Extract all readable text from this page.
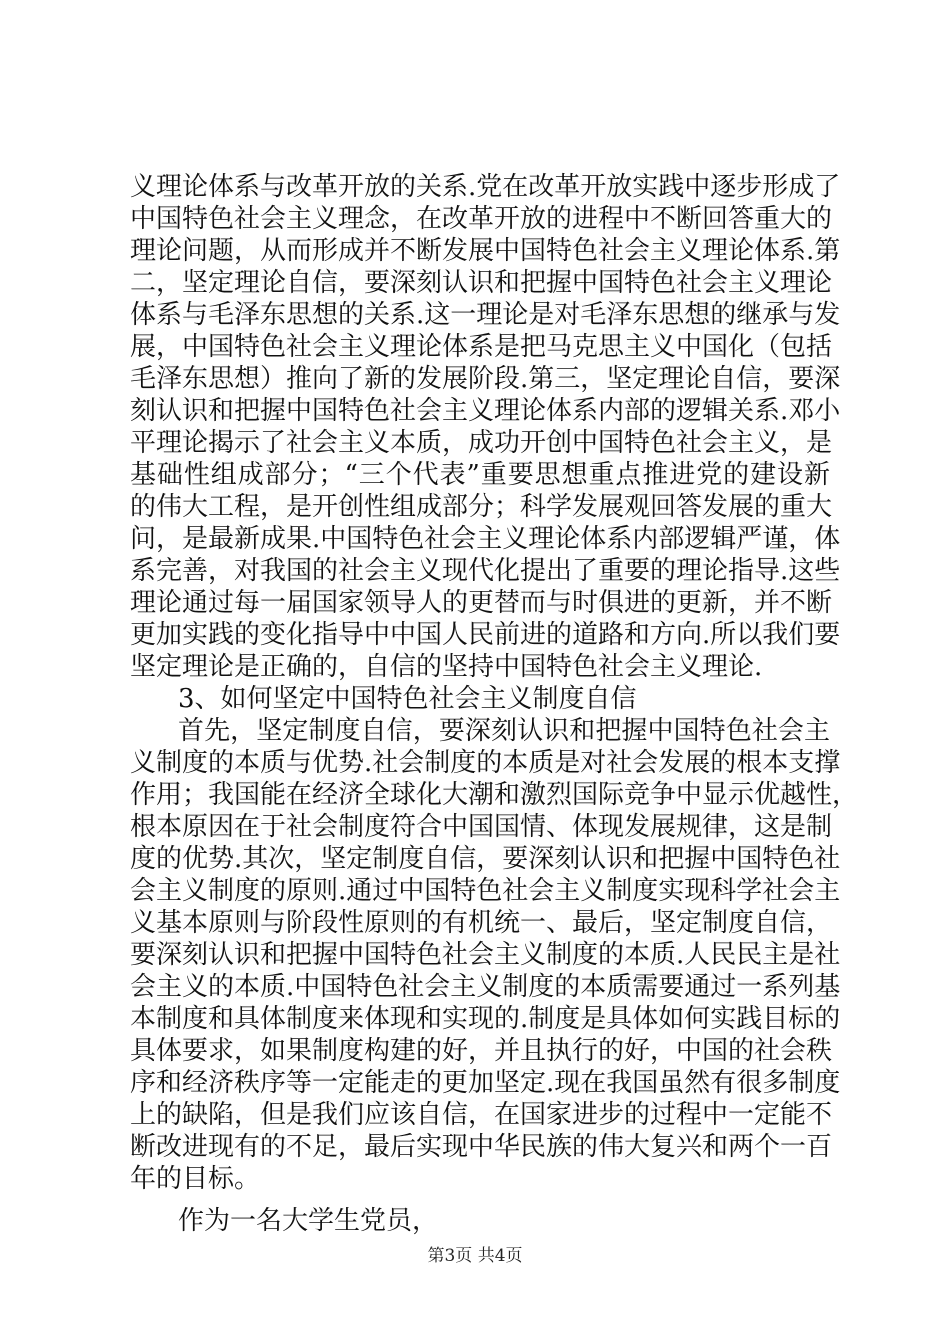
义理论体系与改革开放的关系.党在改革开放实践中逐步形成了
中国特色社会主义理念，在改革开放的进程中不断回答重大的
理论问题，从而形成并不断发展中国特色社会主义理论体系.第
二，坚定理论自信，要深刻认识和把握中国特色社会主义理论
体系与毛泽东思想的关系.这一理论是对毛泽东思想的继承与发
展，中国特色社会主义理论体系是把马克思主义中国化（包括
毛泽东思想）推向了新的发展阶段.第三，坚定理论自信，要深
刻认识和把握中国特色社会主义理论体系内部的逻辑关系.邓小
平理论揭示了社会主义本质，成功开创中国特色社会主义，是
基础性组成部分；“三个代表”重要思想重点推进党的建设新
的伟大工程，是开创性组成部分；科学发展观回答发展的重大
问，是最新成果.中国特色社会主义理论体系内部逻辑严谨，体
系完善，对我国的社会主义现代化提出了重要的理论指导.这些
理论通过每一届国家领导人的更替而与时俱进的更新，并不断
更加实践的变化指导中中国人民前进的道路和方向.所以我们要
坚定理论是正确的，自信的坚持中国特色社会主义理论.
3、如何坚定中国特色社会主义制度自信
首先，坚定制度自信，要深刻认识和把握中国特色社会主
义制度的本质与优势.社会制度的本质是对社会发展的根本支撑
作用；我国能在经济全球化大潮和激烈国际竞争中显示优越性，
根本原因在于社会制度符合中国国情、体现发展规律，这是制
度的优势.其次，坚定制度自信，要深刻认识和把握中国特色社
会主义制度的原则.通过中国特色社会主义制度实现科学社会主
义基本原则与阶段性原则的有机统一、最后，坚定制度自信，
要深刻认识和把握中国特色社会主义制度的本质.人民民主是社
会主义的本质.中国特色社会主义制度的本质需要通过一系列基
本制度和具体制度来体现和实现的.制度是具体如何实践目标的
具体要求，如果制度构建的好，并且执行的好，中国的社会秩
序和经济秩序等一定能走的更加坚定.现在我国虽然有很多制度
上的缺陷，但是我们应该自信，在国家进步的过程中一定能不
断改进现有的不足，最后实现中华民族的伟大复兴和两个一百
年的目标。
作为一名大学生党员，
第3页 共4页
